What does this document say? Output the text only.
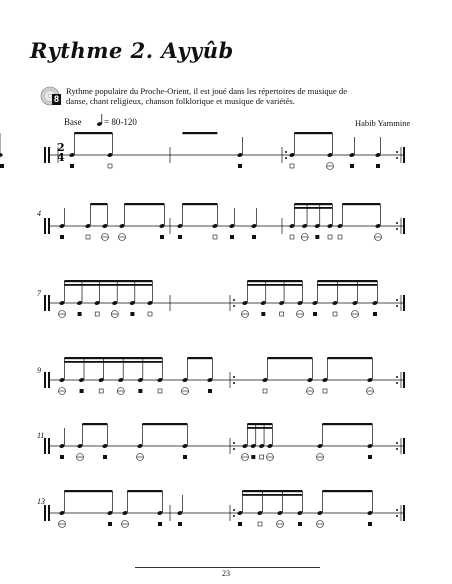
Rythme 2. Ayyûb
8
Rythme populaire du Proche-Orient, il est joué dans les répertoires de musique de danse, chant religieux, chanson folklorique et musique de variétés.
Base	= 80-120	Habib Yammine
2
4
4
7
9
11
13
23
